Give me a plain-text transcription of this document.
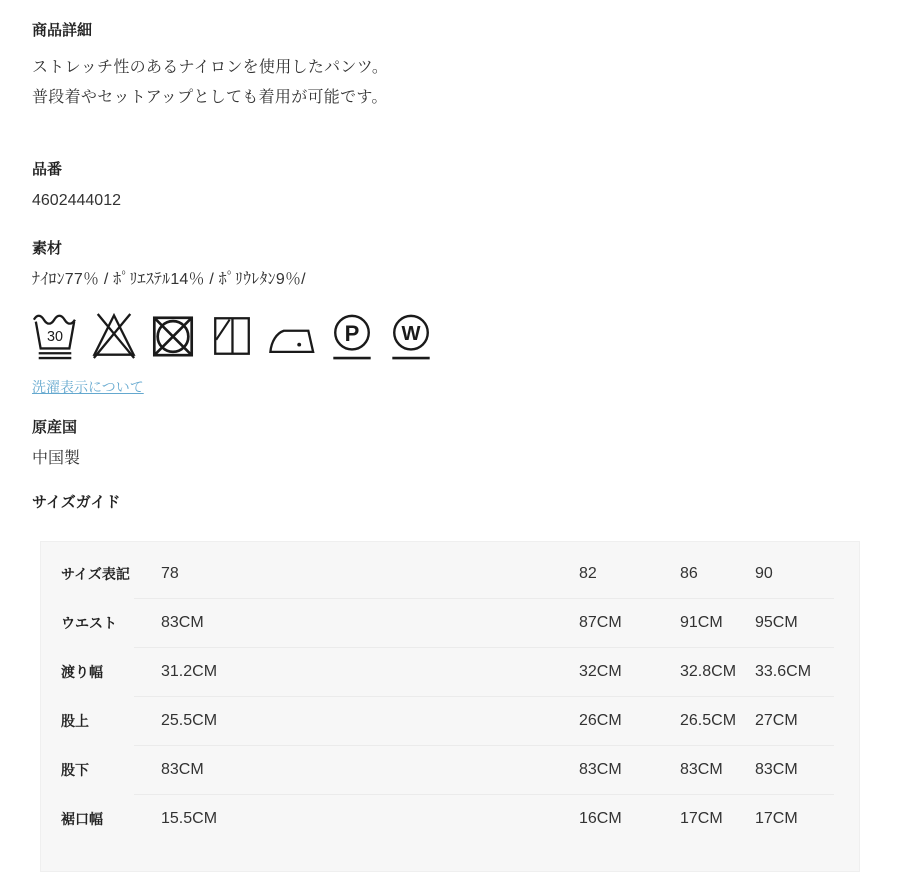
商品詳細

ストレッチ性のあるナイロンを使用したパンツ。

普段着やセットアップとしても着用が可能です。

品番

4602444012

素材

ﾅｲﾛﾝ77％ / ﾎﾟﾘｴｽﾃﾙ14％ / ﾎﾟﾘｳﾚﾀﾝ9％/

30	P W
洗濯表示について
原産国

中国製

サイズガイド
サイズ表記	78	82	86	90
ウエスト	83CM	87CM	91CM	95CM
渡り幅	31.2CM	32CM	32.8CM	33.6CM
股上	25.5CM	26CM	26.5CM	27CM
股下	83CM	83CM	83CM	83CM
裾口幅	15.5CM	16CM	17CM	17CM
